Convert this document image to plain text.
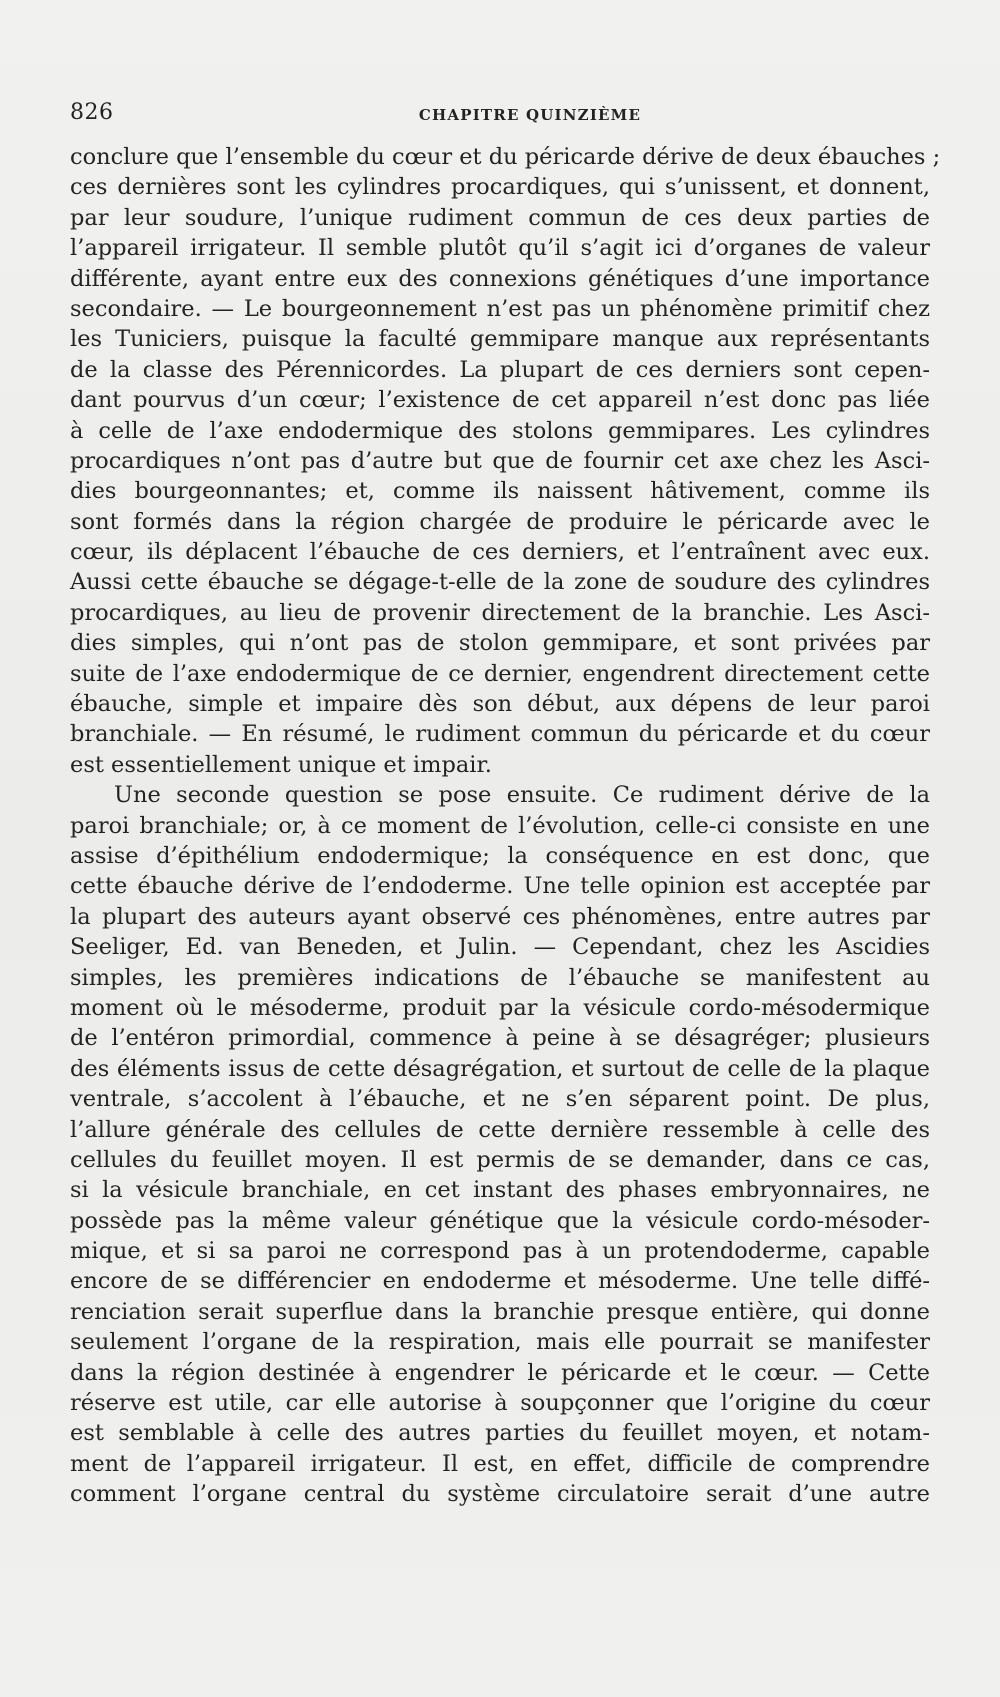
826	CHAPITRE QUINZIÈME
conclure que l’ensemble du cœur et du péricarde dérive de deux ébauches ;
ces dernières sont les cylindres procardiques, qui s’unissent, et donnent,
par leur soudure, l’unique rudiment commun de ces deux parties de
l’appareil irrigateur. Il semble plutôt qu’il s’agit ici d’organes de valeur
différente, ayant entre eux des connexions génétiques d’une importance
secondaire. — Le bourgeonnement n’est pas un phénomène primitif chez
les Tuniciers, puisque la faculté gemmipare manque aux représentants
de la classe des Pérennicordes. La plupart de ces derniers sont cepen-
dant pourvus d’un cœur; l’existence de cet appareil n’est donc pas liée
à celle de l’axe endodermique des stolons gemmipares. Les cylindres
procardiques n’ont pas d’autre but que de fournir cet axe chez les Asci-
dies bourgeonnantes; et, comme ils naissent hâtivement, comme ils
sont formés dans la région chargée de produire le péricarde avec le
cœur, ils déplacent l’ébauche de ces derniers, et l’entraînent avec eux.
Aussi cette ébauche se dégage-t-elle de la zone de soudure des cylindres
procardiques, au lieu de provenir directement de la branchie. Les Asci-
dies simples, qui n’ont pas de stolon gemmipare, et sont privées par
suite de l’axe endodermique de ce dernier, engendrent directement cette
ébauche, simple et impaire dès son début, aux dépens de leur paroi
branchiale. — En résumé, le rudiment commun du péricarde et du cœur
est essentiellement unique et impair.
Une seconde question se pose ensuite. Ce rudiment dérive de la
paroi branchiale; or, à ce moment de l’évolution, celle-ci consiste en une
assise d’épithélium endodermique; la conséquence en est donc, que
cette ébauche dérive de l’endoderme. Une telle opinion est acceptée par
la plupart des auteurs ayant observé ces phénomènes, entre autres par
Seeliger, Ed. van Beneden, et Julin. — Cependant, chez les Ascidies
simples, les premières indications de l’ébauche se manifestent au
moment où le mésoderme, produit par la vésicule cordo-mésodermique
de l’entéron primordial, commence à peine à se désagréger; plusieurs
des éléments issus de cette désagrégation, et surtout de celle de la plaque
ventrale, s’accolent à l’ébauche, et ne s’en séparent point. De plus,
l’allure générale des cellules de cette dernière ressemble à celle des
cellules du feuillet moyen. Il est permis de se demander, dans ce cas,
si la vésicule branchiale, en cet instant des phases embryonnaires, ne
possède pas la même valeur génétique que la vésicule cordo-mésoder-
mique, et si sa paroi ne correspond pas à un protendoderme, capable
encore de se différencier en endoderme et mésoderme. Une telle diffé-
renciation serait superflue dans la branchie presque entière, qui donne
seulement l’organe de la respiration, mais elle pourrait se manifester
dans la région destinée à engendrer le péricarde et le cœur. — Cette
réserve est utile, car elle autorise à soupçonner que l’origine du cœur
est semblable à celle des autres parties du feuillet moyen, et notam-
ment de l’appareil irrigateur. Il est, en effet, difficile de comprendre
comment l’organe central du système circulatoire serait d’une autre
